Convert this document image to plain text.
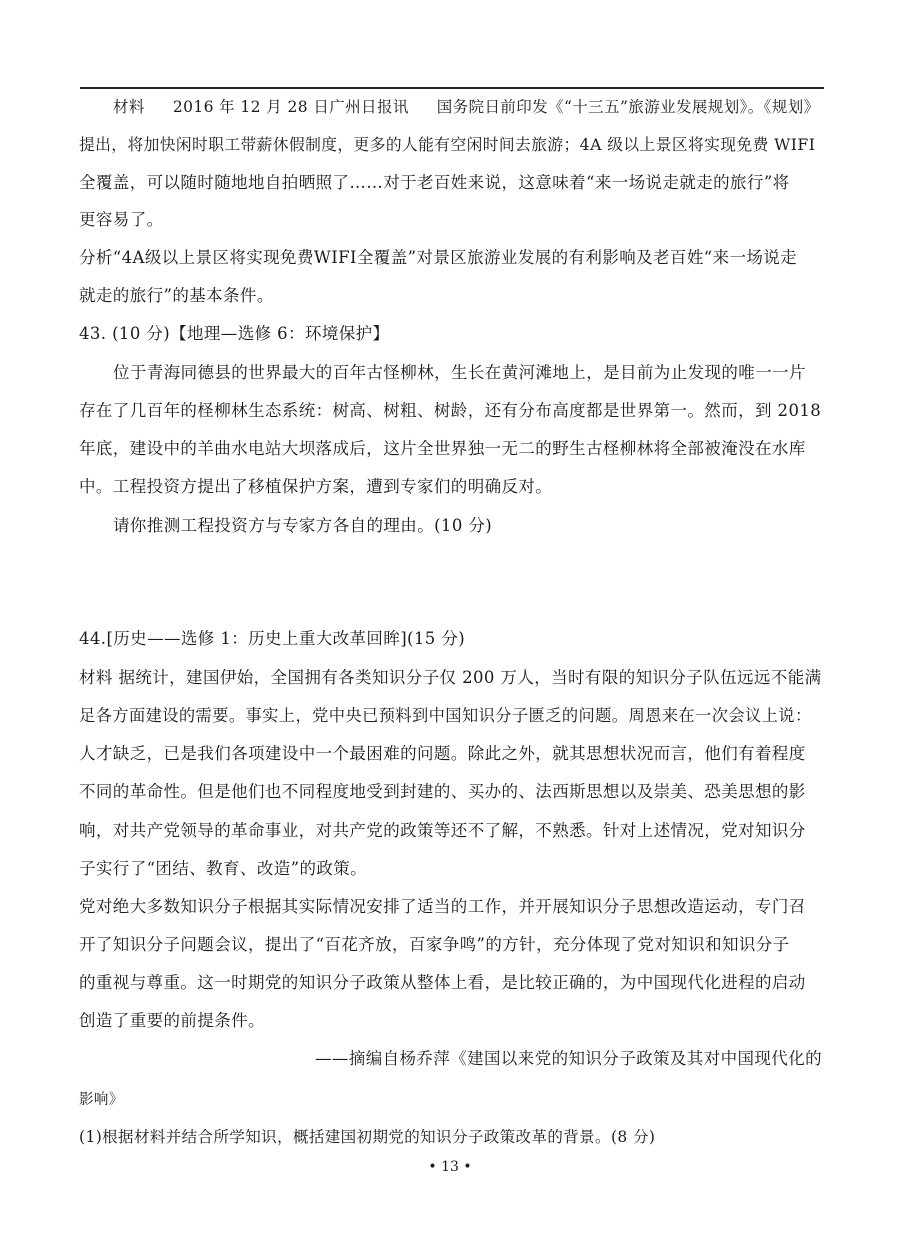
材料 2016 年 12 月 28 日广州日报讯 国务院日前印发《“十三五”旅游业发展规划》。《规划》
提出，将加快闲时职工带薪休假制度，更多的人能有空闲时间去旅游；4A 级以上景区将实现免费 WIFI
全覆盖，可以随时随地地自拍晒照了……对于老百姓来说，这意味着“来一场说走就走的旅行”将
更容易了。
分析“4A级以上景区将实现免费WIFI全覆盖”对景区旅游业发展的有利影响及老百姓“来一场说走
就走的旅行”的基本条件。
43. (10 分)【地理—选修 6：环境保护】
位于青海同德县的世界最大的百年古怪柳林，生长在黄河滩地上，是目前为止发现的唯一一片
存在了几百年的柽柳林生态系统：树高、树粗、树龄，还有分布高度都是世界第一。然而，到 2018
年底，建设中的羊曲水电站大坝落成后，这片全世界独一无二的野生古柽柳林将全部被淹没在水库
中。工程投资方提出了移植保护方案，遭到专家们的明确反对。
请你推测工程投资方与专家方各自的理由。(10 分)
44.[历史——选修 1：历史上重大改革回眸](15 分)
材料 据统计，建国伊始，全国拥有各类知识分子仅 200 万人，当时有限的知识分子队伍远远不能满
足各方面建设的需要。事实上，党中央已预料到中国知识分子匮乏的问题。周恩来在一次会议上说：
人才缺乏，已是我们各项建设中一个最困难的问题。除此之外，就其思想状况而言，他们有着程度
不同的革命性。但是他们也不同程度地受到封建的、买办的、法西斯思想以及崇美、恐美思想的影
响，对共产党领导的革命事业，对共产党的政策等还不了解，不熟悉。针对上述情况，党对知识分
子实行了“团结、教育、改造”的政策。
党对绝大多数知识分子根据其实际情况安排了适当的工作，并开展知识分子思想改造运动，专门召
开了知识分子问题会议，提出了“百花齐放，百家争鸣”的方针，充分体现了党对知识和知识分子
的重视与尊重。这一时期党的知识分子政策从整体上看，是比较正确的，为中国现代化进程的启动
创造了重要的前提条件。
——摘编自杨乔萍《建国以来党的知识分子政策及其对中国现代化的
影响》
(1)根据材料并结合所学知识，概括建国初期党的知识分子政策改革的背景。(8 分)
• 13 •
